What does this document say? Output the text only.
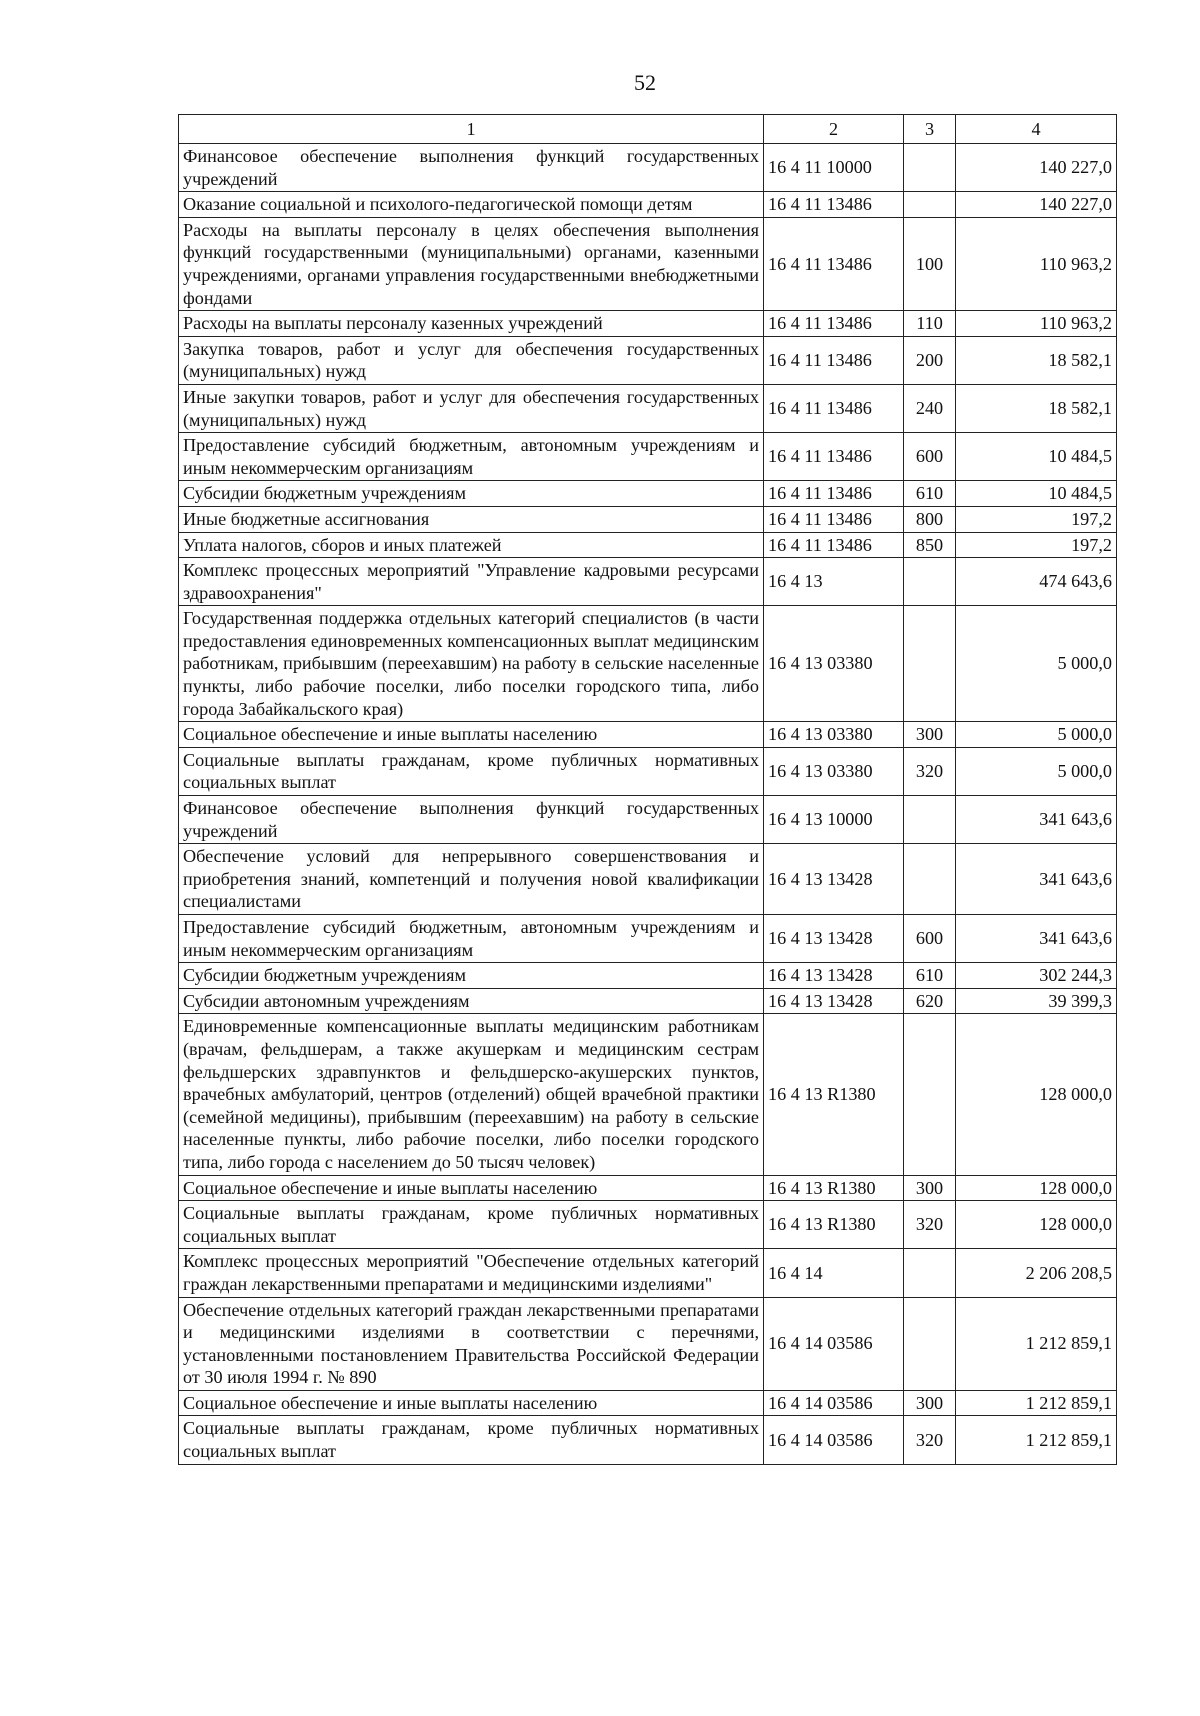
52
1	2	3	4
Финансовое обеспечение выполнения функций государственных учреждений	16 4 11 10000		140 227,0
Оказание социальной и психолого-педагогической помощи детям	16 4 11 13486		140 227,0
Расходы на выплаты персоналу в целях обеспечения выполнения функций государственными (муниципальными) органами, казенными учреждениями, органами управления государственными внебюджетными фондами	16 4 11 13486	100	110 963,2
Расходы на выплаты персоналу казенных учреждений	16 4 11 13486	110	110 963,2
Закупка товаров, работ и услуг для обеспечения государственных (муниципальных) нужд	16 4 11 13486	200	18 582,1
Иные закупки товаров, работ и услуг для обеспечения государственных (муниципальных) нужд	16 4 11 13486	240	18 582,1
Предоставление субсидий бюджетным, автономным учреждениям и иным некоммерческим организациям	16 4 11 13486	600	10 484,5
Субсидии бюджетным учреждениям	16 4 11 13486	610	10 484,5
Иные бюджетные ассигнования	16 4 11 13486	800	197,2
Уплата налогов, сборов и иных платежей	16 4 11 13486	850	197,2
Комплекс процессных мероприятий "Управление кадровыми ресурсами здравоохранения"	16 4 13		474 643,6
Государственная поддержка отдельных категорий специалистов (в части предоставления единовременных компенсационных выплат медицинским работникам, прибывшим (переехавшим) на работу в сельские населенные пункты, либо рабочие поселки, либо поселки городского типа, либо города Забайкальского края)	16 4 13 03380		5 000,0
Социальное обеспечение и иные выплаты населению	16 4 13 03380	300	5 000,0
Социальные выплаты гражданам, кроме публичных нормативных социальных выплат	16 4 13 03380	320	5 000,0
Финансовое обеспечение выполнения функций государственных учреждений	16 4 13 10000		341 643,6
Обеспечение условий для непрерывного совершенствования и приобретения знаний, компетенций и получения новой квалификации специалистами	16 4 13 13428		341 643,6
Предоставление субсидий бюджетным, автономным учреждениям и иным некоммерческим организациям	16 4 13 13428	600	341 643,6
Субсидии бюджетным учреждениям	16 4 13 13428	610	302 244,3
Субсидии автономным учреждениям	16 4 13 13428	620	39 399,3
Единовременные компенсационные выплаты медицинским работникам (врачам, фельдшерам, а также акушеркам и медицинским сестрам фельдшерских здравпунктов и фельдшерско-акушерских пунктов, врачебных амбулаторий, центров (отделений) общей врачебной практики (семейной медицины), прибывшим (переехавшим) на работу в сельские населенные пункты, либо рабочие поселки, либо поселки городского типа, либо города с населением до 50 тысяч человек)	16 4 13 R1380		128 000,0
Социальное обеспечение и иные выплаты населению	16 4 13 R1380	300	128 000,0
Социальные выплаты гражданам, кроме публичных нормативных социальных выплат	16 4 13 R1380	320	128 000,0
Комплекс процессных мероприятий "Обеспечение отдельных категорий граждан лекарственными препаратами и медицинскими изделиями"	16 4 14		2 206 208,5
Обеспечение отдельных категорий граждан лекарственными препаратами и медицинскими изделиями в соответствии с перечнями, установленными постановлением Правительства Российской Федерации от 30 июля 1994 г. № 890	16 4 14 03586		1 212 859,1
Социальное обеспечение и иные выплаты населению	16 4 14 03586	300	1 212 859,1
Социальные выплаты гражданам, кроме публичных нормативных социальных выплат	16 4 14 03586	320	1 212 859,1
